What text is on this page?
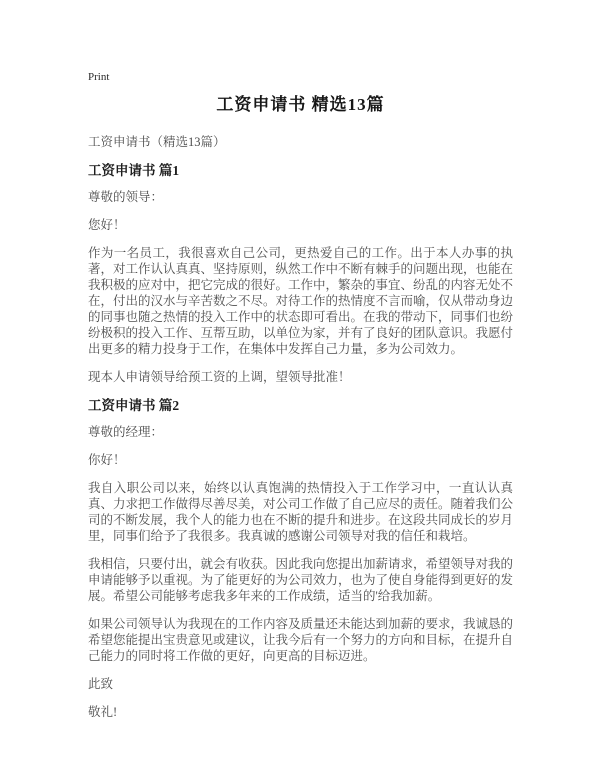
Print
工资申请书 精选13篇

工资申请书（精选13篇）

工资申请书 篇1

尊敬的领导：

您好！

作为一名员工，我很喜欢自己公司，更热爱自己的工作。出于本人办事的执著，对工作认认真真、坚持原则，纵然工作中不断有棘手的问题出现，也能在我积极的应对中，把它完成的很好。工作中，繁杂的事宜、纷乱的内容无处不在，付出的汉水与辛苦数之不尽。对待工作的热情度不言而喻，仅从带动身边的同事也随之热情的投入工作中的状态即可看出。在我的带动下，同事们也纷纷极积的投入工作、互帮互助，以单位为家，并有了良好的团队意识。我愿付出更多的精力投身于工作，在集体中发挥自己力量，多为公司效力。

现本人申请领导给预工资的上调，望领导批准！

工资申请书 篇2

尊敬的经理：

你好！

我自入职公司以来，始终以认真饱满的热情投入于工作学习中，一直认认真真、力求把工作做得尽善尽美，对公司工作做了自己应尽的责任。随着我们公司的不断发展，我个人的能力也在不断的提升和进步。在这段共同成长的岁月里，同事们给予了我很多。我真诚的感谢公司领导对我的信任和栽培。

我相信，只要付出，就会有收获。因此我向您提出加薪请求，希望领导对我的申请能够予以重视。为了能更好的为公司效力，也为了使自身能得到更好的发展。希望公司能够考虑我多年来的工作成绩，适当的'给我加薪。

如果公司领导认为我现在的工作内容及质量还未能达到加薪的要求，我诚恳的希望您能提出宝贵意见或建议，让我今后有一个努力的方向和目标，在提升自己能力的同时将工作做的更好，向更高的目标迈进。

此致

敬礼!
